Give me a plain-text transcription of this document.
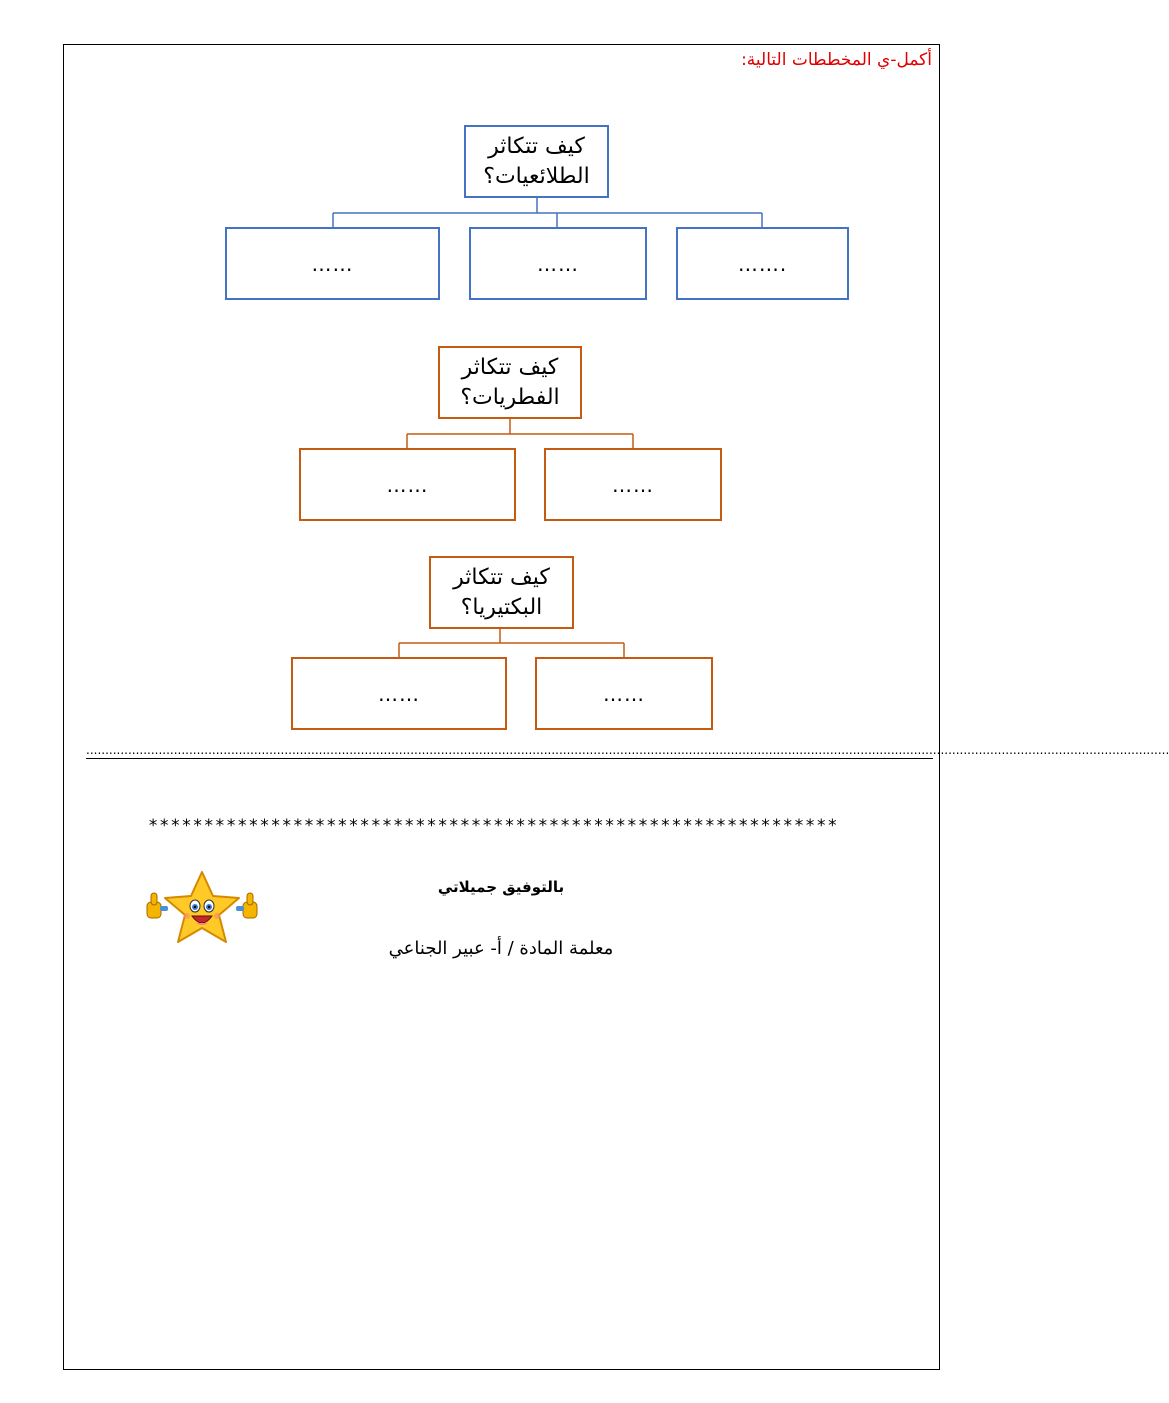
أكمل-ي المخططات التالية:
كيف تتكاثر
الطلائعيات؟
…….
……
……
كيف تتكاثر
الفطريات؟
……
……
كيف تتكاثر
البكتيريا؟
……
……
............................................................................................................................................................................................................................................................................................
**************************************************************
بالتوفيق جميلاتي
معلمة المادة / أ- عبير الجناعي
